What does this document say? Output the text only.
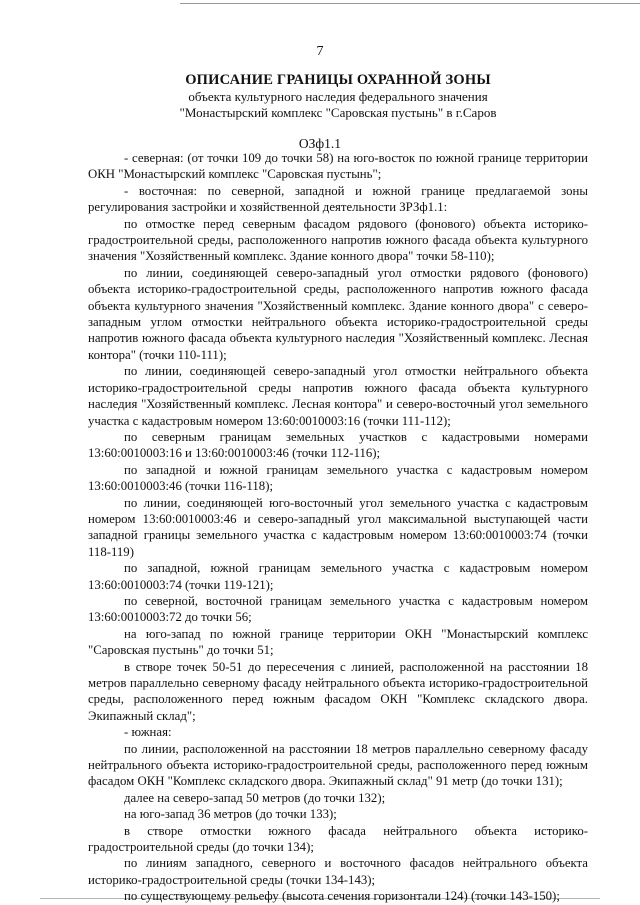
7
ОПИСАНИЕ ГРАНИЦЫ ОХРАННОЙ ЗОНЫ
объекта культурного наследия федерального значения
"Монастырский комплекс "Саровская пустынь" в г.Саров
ОЗф1.1

- северная: (от точки 109 до точки 58) на юго-восток по южной границе территории ОКН "Монастырский комплекс "Саровская пустынь";

- восточная: по северной, западной и южной границе предлагаемой зоны регулирования застройки и хозяйственной деятельности ЗРЗф1.1:

по отмостке перед северным фасадом рядового (фонового) объекта историко-градостроительной среды, расположенного напротив южного фасада объекта культурного значения "Хозяйственный комплекс. Здание конного двора" точки 58-110);

по линии, соединяющей северо-западный угол отмостки рядового (фонового) объекта историко-градостроительной среды, расположенного напротив южного фасада объекта культурного значения "Хозяйственный комплекс. Здание конного двора" с северо-западным углом отмостки нейтрального объекта историко-градостроительной среды напротив южного фасада объекта культурного наследия "Хозяйственный комплекс. Лесная контора" (точки 110-111);

по линии, соединяющей северо-западный угол отмостки нейтрального объекта историко-градостроительной среды напротив южного фасада объекта культурного наследия "Хозяйственный комплекс. Лесная контора" и северо-восточный угол земельного участка с кадастровым номером 13:60:0010003:16 (точки 111-112);

по северным границам земельных участков с кадастровыми номерами 13:60:0010003:16 и 13:60:0010003:46 (точки 112-116);

по западной и южной границам земельного участка с кадастровым номером 13:60:0010003:46 (точки 116-118);

по линии, соединяющей юго-восточный угол земельного участка с кадастровым номером 13:60:0010003:46 и северо-западный угол максимальной выступающей части западной границы земельного участка с кадастровым номером 13:60:0010003:74 (точки 118-119)

по западной, южной границам земельного участка с кадастровым номером 13:60:0010003:74 (точки 119-121);

по северной, восточной границам земельного участка с кадастровым номером 13:60:0010003:72 до точки 56;

на юго-запад по южной границе территории ОКН "Монастырский комплекс "Саровская пустынь" до точки 51;

в створе точек 50-51 до пересечения с линией, расположенной на расстоянии 18 метров параллельно северному фасаду нейтрального объекта историко-градостроительной среды, расположенного перед южным фасадом ОКН "Комплекс складского двора. Экипажный склад";

- южная:

по линии, расположенной на расстоянии 18 метров параллельно северному фасаду нейтрального объекта историко-градостроительной среды, расположенного перед южным фасадом ОКН "Комплекс складского двора. Экипажный склад" 91 метр (до точки 131);

далее на северо-запад 50 метров (до точки 132);

на юго-запад 36 метров (до точки 133);

в створе отмостки южного фасада нейтрального объекта историко-градостроительной среды (до точки 134);

по линиям западного, северного и восточного фасадов нейтрального объекта историко-градостроительной среды (точки 134-143);

по существующему рельефу (высота сечения горизонтали 124) (точки 143-150);
